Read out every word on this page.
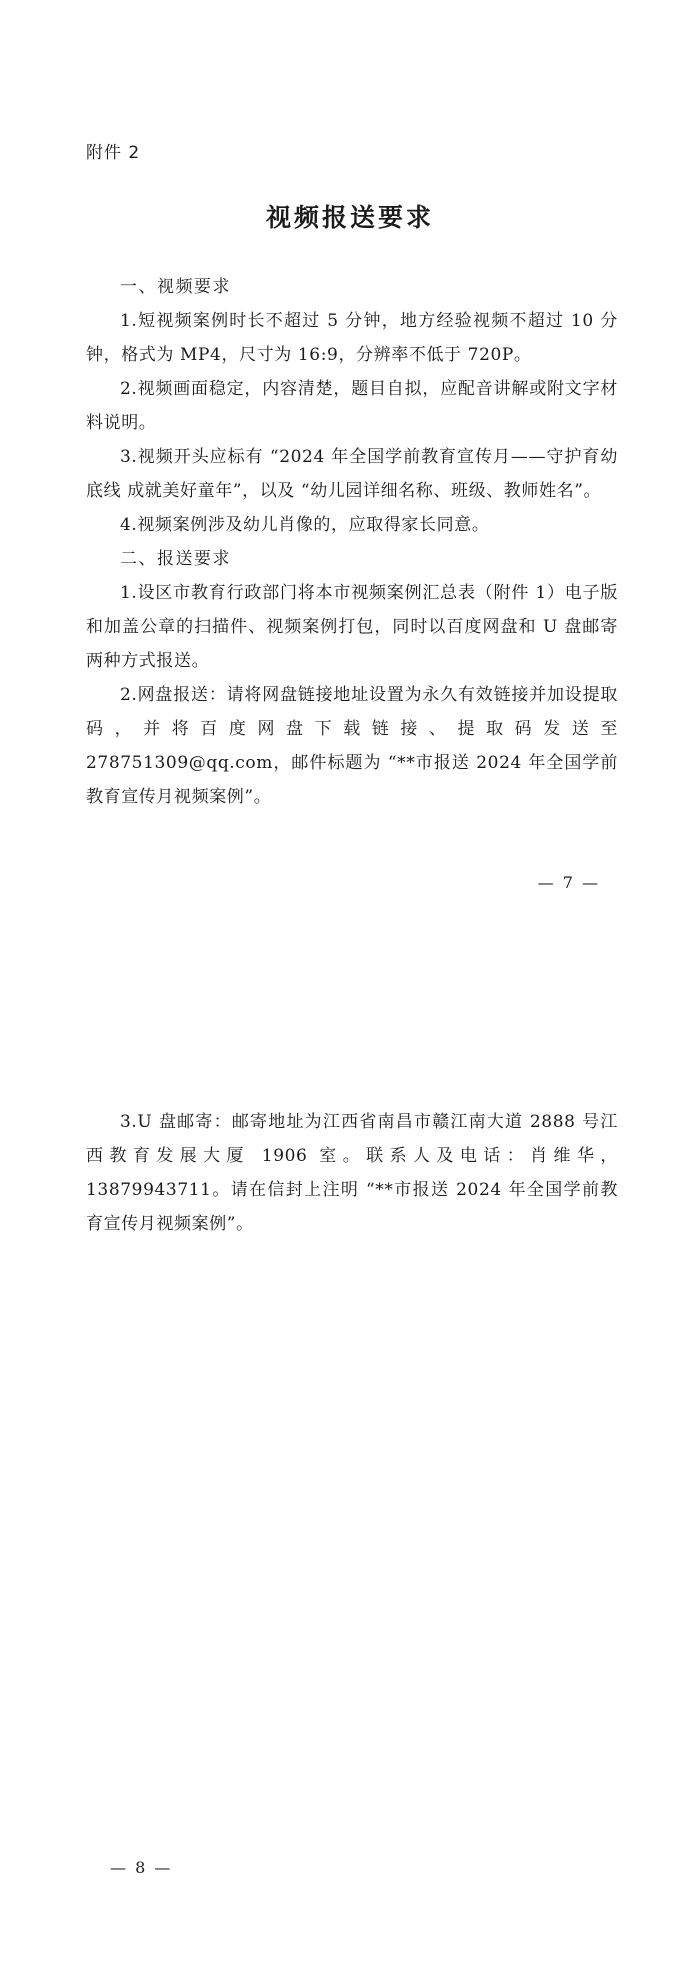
附件 2
视频报送要求

一、视频要求

1.短视频案例时长不超过 5 分钟，地方经验视频不超过 10 分钟，格式为 MP4，尺寸为 16:9，分辨率不低于 720P。

2.视频画面稳定，内容清楚，题目自拟，应配音讲解或附文字材料说明。

3.视频开头应标有 “2024 年全国学前教育宣传月——守护育幼底线 成就美好童年”，以及 “幼儿园详细名称、班级、教师姓名”。

4.视频案例涉及幼儿肖像的，应取得家长同意。

二、报送要求

1.设区市教育行政部门将本市视频案例汇总表（附件 1）电子版和加盖公章的扫描件、视频案例打包，同时以百度网盘和 U 盘邮寄两种方式报送。

2.网盘报送：请将网盘链接地址设置为永久有效链接并加设提取码，并将百度网盘下载链接、提取码发送至 278751309@qq.com，邮件标题为 “**市报送 2024 年全国学前教育宣传月视频案例”。

— 7 —

3.U 盘邮寄：邮寄地址为江西省南昌市赣江南大道 2888 号江西教育发展大厦 1906 室。联系人及电话：肖维华，13879943711。请在信封上注明 “**市报送 2024 年全国学前教育宣传月视频案例”。

— 8 —
